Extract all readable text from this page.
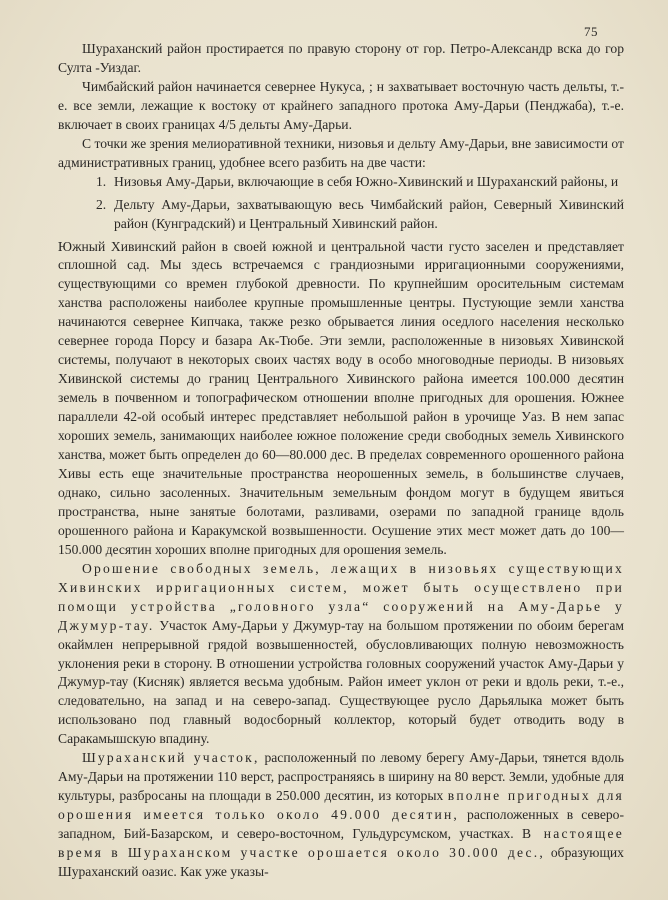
75

Шураханский район простирается по правую сторону от гор. Петро-Александр вска до гор Султа -Уиздаг.

Чимбайский район начинается севернее Нукуса, ; н захватывает восточную часть дельты, т.-е. все земли, лежащие к востоку от крайнего западного протока Аму-Дарьи (Пенджаба), т.-е. включает в своих границах 4/5 дельты Аму-Дарьи.

С точки же зрения мелиоративной техники, низовья и дельту Аму-Дарьи, вне зависимости от административных границ, удобнее всего разбить на две части:

1. Низовья Аму-Дарьи, включающие в себя Южно-Хивинский и Шураханский районы, и
2. Дельту Аму-Дарьи, захватывающую весь Чимбайский район, Северный Хивинский район (Кунградский) и Центральный Хивинский район.

Южный Хивинский район в своей южной и центральной части густо заселен и представляет сплошной сад. Мы здесь встречаемся с грандиозными ирригационными сооружениями, существующими со времен глубокой древности. По крупнейшим оросительным системам ханства расположены наиболее крупные промышленные центры. Пустующие земли ханства начинаются севернее Кипчака, также резко обрывается линия оседлого населения несколько севернее города Порсу и базара Ак-Тюбе. Эти земли, расположенные в низовьях Хивинской системы, получают в некоторых своих частях воду в особо многоводные периоды. В низовьях Хивинской системы до границ Центрального Хивинского района имеется 100.000 десятин земель в почвенном и топографическом отношении вполне пригодных для орошения. Южнее параллели 42-ой особый интерес представляет небольшой район в урочище Уаз. В нем запас хороших земель, занимающих наиболее южное положение среди свободных земель Хивинского ханства, может быть определен до 60—80.000 дес. В пределах современного орошенного района Хивы есть еще значительные пространства неорошенных земель, в большинстве случаев, однако, сильно засоленных. Значительным земельным фондом могут в будущем явиться пространства, ныне занятые болотами, разливами, озерами по западной границе вдоль орошенного района и Каракумской возвышенности. Осушение этих мест может дать до 100—150.000 десятин хороших вполне пригодных для орошения земель.

Орошение свободных земель, лежащих в низовьях существующих Хивинских ирригационных систем, может быть осуществлено при помощи устройства „головного узла“ сооружений на Аму-Дарье у Джумур-тау. Участок Аму-Дарьи у Джумур-тау на большом протяжении по обоим берегам окаймлен непрерывной грядой возвышенностей, обусловливающих полную невозможность уклонения реки в сторону. В отношении устройства головных сооружений участок Аму-Дарьи у Джумур-тау (Кисняк) является весьма удобным. Район имеет уклон от реки и вдоль реки, т.-е., следовательно, на запад и на северо-запад. Существующее русло Дарьялыка может быть использовано под главный водосборный коллектор, который будет отводить воду в Саракамышскую впадину.

Шураханский участок, расположенный по левому берегу Аму-Дарьи, тянется вдоль Аму-Дарьи на протяжении 110 верст, распространяясь в ширину на 80 верст. Земли, удобные для культуры, разбросаны на площади в 250.000 десятин, из которых вполне пригодных для орошения имеется только около 49.000 десятин, расположенных в северо-западном, Бий-Базарском, и северо-восточном, Гульдурсумском, участках. В настоящее время в Шураханском участке орошается около 30.000 дес., образующих Шураханский оазис. Как уже указы-
